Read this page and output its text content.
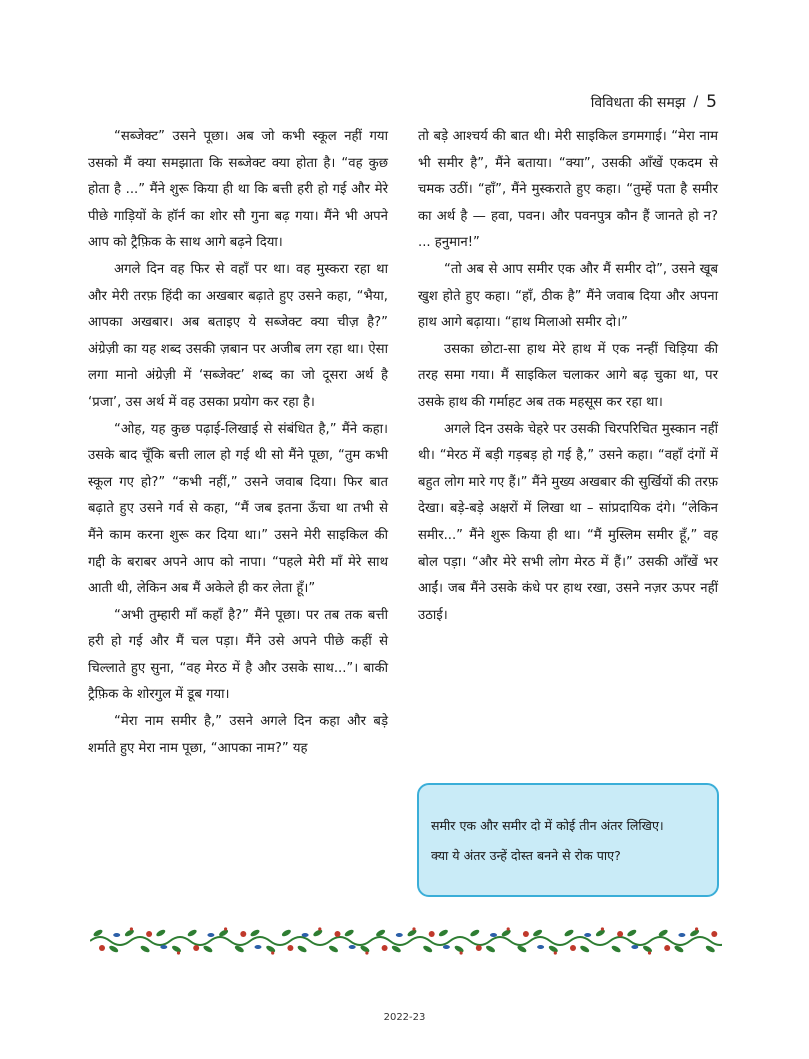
विविधता की समझ / 5

“सब्जेक्ट” उसने पूछा। अब जो कभी स्कूल नहीं गया उसको मैं क्या समझाता कि सब्जेक्ट क्या होता है। “वह कुछ होता है ...” मैंने शुरू किया ही था कि बत्ती हरी हो गई और मेरे पीछे गाड़ियों के हॉर्न का शोर सौ गुना बढ़ गया। मैंने भी अपने आप को ट्रैफ़िक के साथ आगे बढ़ने दिया।

अगले दिन वह फिर से वहाँ पर था। वह मुस्करा रहा था और मेरी तरफ़ हिंदी का अखबार बढ़ाते हुए उसने कहा, “भैया, आपका अखबार। अब बताइए ये सब्जेक्ट क्या चीज़ है?” अंग्रेज़ी का यह शब्द उसकी ज़बान पर अजीब लग रहा था। ऐसा लगा मानो अंग्रेज़ी में ‘सब्जेक्ट’ शब्द का जो दूसरा अर्थ है ‘प्रजा’, उस अर्थ में वह उसका प्रयोग कर रहा है।

“ओह, यह कुछ पढ़ाई-लिखाई से संबंधित है,” मैंने कहा। उसके बाद चूँकि बत्ती लाल हो गई थी सो मैंने पूछा, “तुम कभी स्कूल गए हो?” “कभी नहीं,” उसने जवाब दिया। फिर बात बढ़ाते हुए उसने गर्व से कहा, “मैं जब इतना ऊँचा था तभी से मैंने काम करना शुरू कर दिया था।” उसने मेरी साइकिल की गद्दी के बराबर अपने आप को नापा। “पहले मेरी माँ मेरे साथ आती थी, लेकिन अब मैं अकेले ही कर लेता हूँ।”

“अभी तुम्हारी माँ कहाँ है?” मैंने पूछा। पर तब तक बत्ती हरी हो गई और मैं चल पड़ा। मैंने उसे अपने पीछे कहीं से चिल्लाते हुए सुना, “वह मेरठ में है और उसके साथ...”। बाकी ट्रैफ़िक के शोरगुल में डूब गया।

“मेरा नाम समीर है,” उसने अगले दिन कहा और बड़े शर्माते हुए मेरा नाम पूछा, “आपका नाम?” यह

तो बड़े आश्चर्य की बात थी। मेरी साइकिल डगमगाई। “मेरा नाम भी समीर है”, मैंने बताया। “क्या”, उसकी आँखें एकदम से चमक उठीं। “हाँ”, मैंने मुस्कराते हुए कहा। “तुम्हें पता है समीर का अर्थ है — हवा, पवन। और पवनपुत्र कौन हैं जानते हो न? ... हनुमान!”

“तो अब से आप समीर एक और मैं समीर दो”, उसने खूब खुश होते हुए कहा। “हाँ, ठीक है” मैंने जवाब दिया और अपना हाथ आगे बढ़ाया। “हाथ मिलाओ समीर दो।”

उसका छोटा-सा हाथ मेरे हाथ में एक नन्हीं चिड़िया की तरह समा गया। मैं साइकिल चलाकर आगे बढ़ चुका था, पर उसके हाथ की गर्माहट अब तक महसूस कर रहा था।

अगले दिन उसके चेहरे पर उसकी चिरपरिचित मुस्कान नहीं थी। “मेरठ में बड़ी गड़बड़ हो गई है,” उसने कहा। “वहाँ दंगों में बहुत लोग मारे गए हैं।” मैंने मुख्य अखबार की सुर्खियों की तरफ़ देखा। बड़े-बड़े अक्षरों में लिखा था – सांप्रदायिक दंगे। “लेकिन समीर...” मैंने शुरू किया ही था। “मैं मुस्लिम समीर हूँ,” वह बोल पड़ा। “और मेरे सभी लोग मेरठ में हैं।” उसकी आँखें भर आईं। जब मैंने उसके कंधे पर हाथ रखा, उसने नज़र ऊपर नहीं उठाई।

समीर एक और समीर दो में कोई तीन अंतर लिखिए।

क्या ये अंतर उन्हें दोस्त बनने से रोक पाए?

2022-23
